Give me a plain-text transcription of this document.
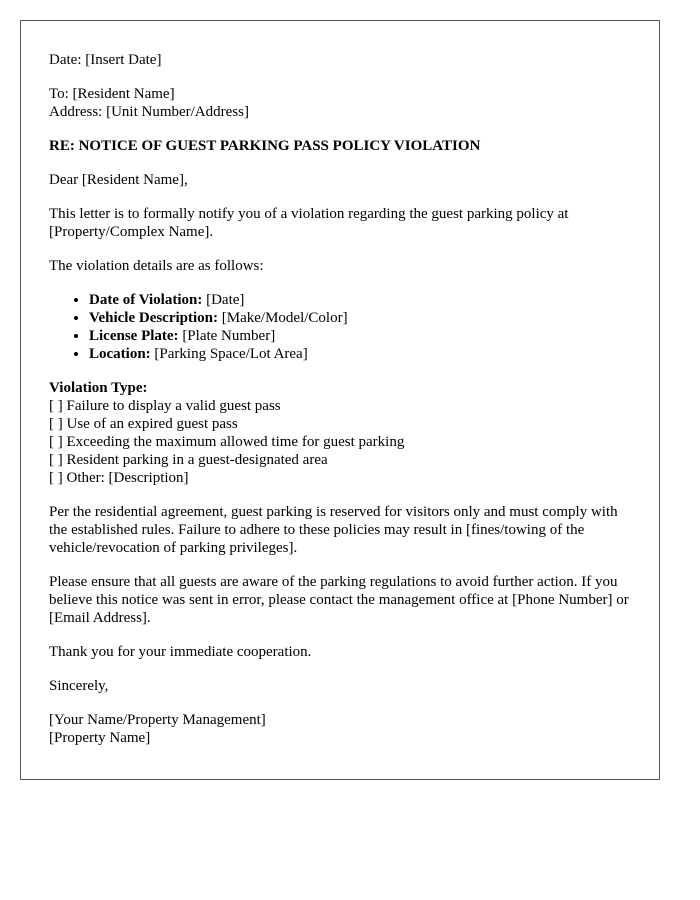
Date: [Insert Date]

To: [Resident Name]
Address: [Unit Number/Address]

RE: NOTICE OF GUEST PARKING PASS POLICY VIOLATION

Dear [Resident Name],

This letter is to formally notify you of a violation regarding the guest parking policy at [Property/Complex Name].

The violation details are as follows:

• Date of Violation: [Date]
• Vehicle Description: [Make/Model/Color]
• License Plate: [Plate Number]
• Location: [Parking Space/Lot Area]

Violation Type:
[ ] Failure to display a valid guest pass
[ ] Use of an expired guest pass
[ ] Exceeding the maximum allowed time for guest parking
[ ] Resident parking in a guest-designated area
[ ] Other: [Description]

Per the residential agreement, guest parking is reserved for visitors only and must comply with the established rules. Failure to adhere to these policies may result in [fines/towing of the vehicle/revocation of parking privileges].

Please ensure that all guests are aware of the parking regulations to avoid further action. If you believe this notice was sent in error, please contact the management office at [Phone Number] or [Email Address].

Thank you for your immediate cooperation.

Sincerely,

[Your Name/Property Management]
[Property Name]
